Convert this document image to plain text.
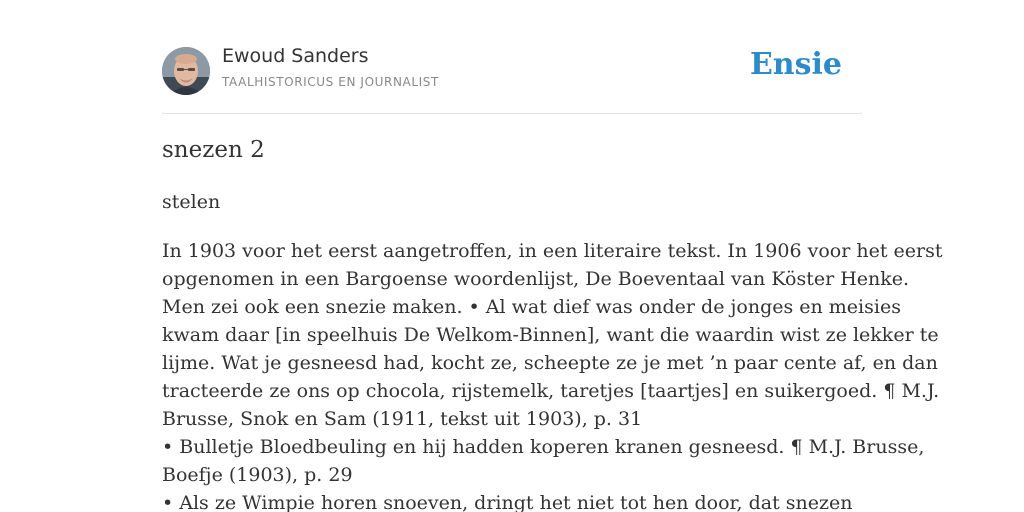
Ewoud Sanders
TAALHISTORICUS EN JOURNALIST	Ensie
snezen 2
stelen
In 1903 voor het eerst aangetroffen, in een literaire tekst. In 1906 voor het eerst
opgenomen in een Bargoense woordenlijst, De Boeventaal van Köster Henke.
Men zei ook een snezie maken. • Al wat dief was onder de jonges en meisies
kwam daar [in speelhuis De Welkom-Binnen], want die waardin wist ze lekker te
lijme. Wat je gesneesd had, kocht ze, scheepte ze je met ’n paar cente af, en dan
tracteerde ze ons op chocola, rijstemelk, taretjes [taartjes] en suikergoed. ¶ M.J.
Brusse, Snok en Sam (1911, tekst uit 1903), p. 31
• Bulletje Bloedbeuling en hij hadden koperen kranen gesneesd. ¶ M.J. Brusse,
Boefje (1903), p. 29
• Als ze Wimpie horen snoeven, dringt het niet tot hen door, dat snezen
